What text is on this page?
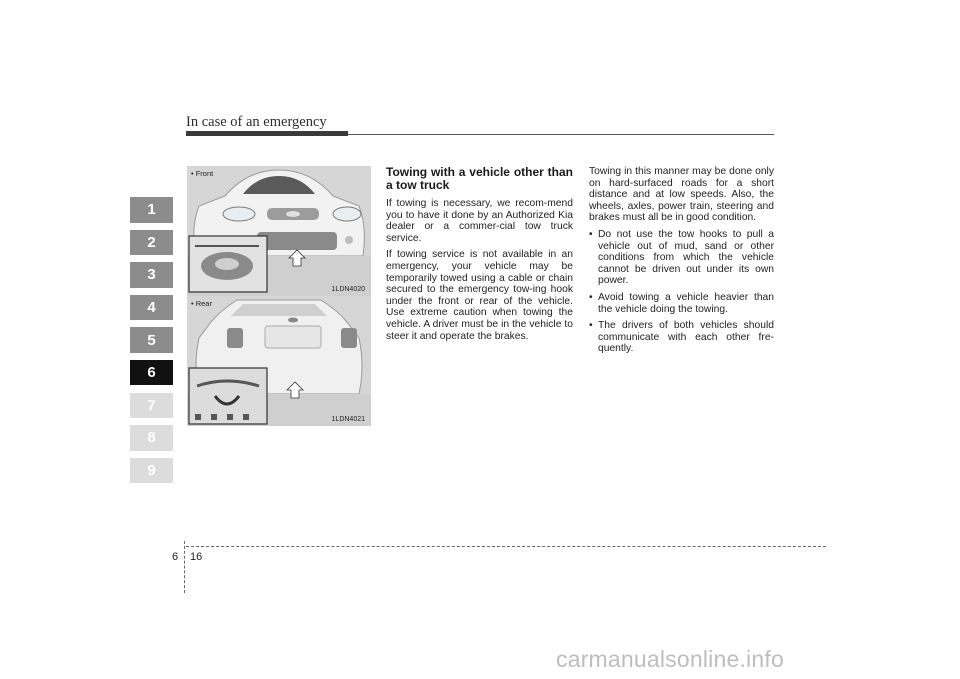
In case of an emergency
1
2
3
4
5
6
7
8
9
• Front
1LDN4020
• Rear
1LDN4021
Towing with a vehicle other than a tow truck

If towing is necessary, we recom-mend you to have it done by an Authorized Kia dealer or a commer-cial tow truck service.

If towing service is not available in an emergency, your vehicle may be temporarily towed using a cable or chain secured to the emergency tow-ing hook under the front or rear of the vehicle. Use extreme caution when towing the vehicle. A driver must be in the vehicle to steer it and operate the brakes.

Towing in this manner may be done only on hard-surfaced roads for a short distance and at low speeds. Also, the wheels, axles, power train, steering and brakes must all be in good condition.

• Do not use the tow hooks to pull a vehicle out of mud, sand or other conditions from which the vehicle cannot be driven out under its own power.
• Avoid towing a vehicle heavier than the vehicle doing the towing.
• The drivers of both vehicles should communicate with each other fre-quently.
6 16
carmanualsonline.info
